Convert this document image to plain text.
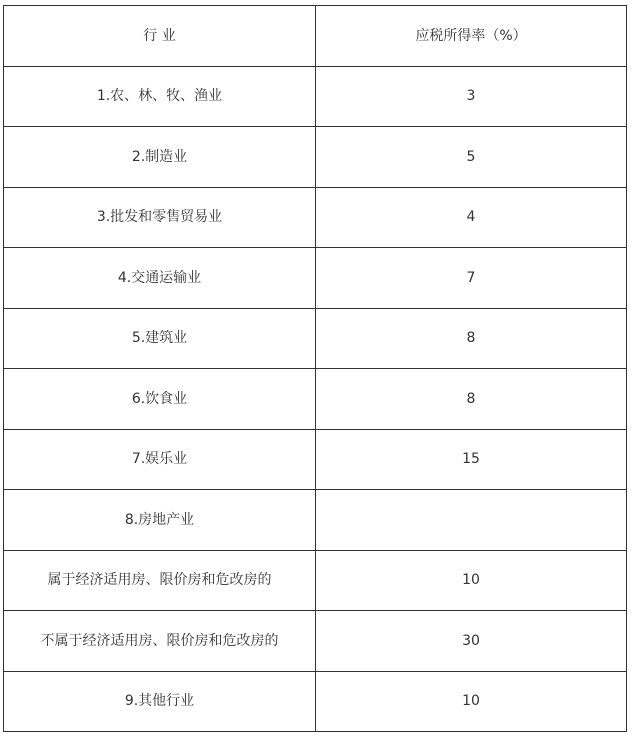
行 业	应税所得率（%）
1.农、林、牧、渔业	3
2.制造业	5
3.批发和零售贸易业	4
4.交通运输业	7
5.建筑业	8
6.饮食业	8
7.娱乐业	15
8.房地产业	
属于经济适用房、限价房和危改房的	10
不属于经济适用房、限价房和危改房的	30
9.其他行业	10
